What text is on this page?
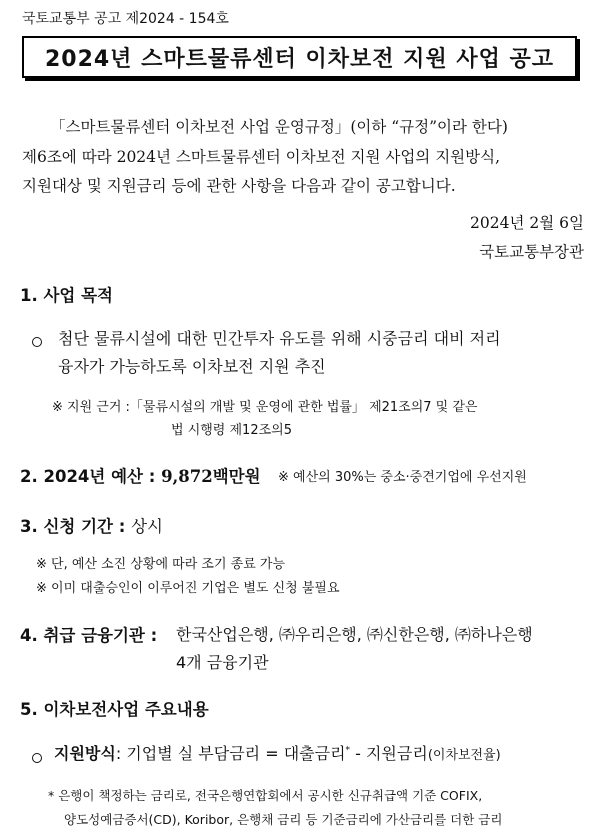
국토교통부 공고 제2024 - 154호
2024년 스마트물류센터 이차보전 지원 사업 공고
「스마트물류센터 이차보전 사업 운영규정」(이하 “규정”이라 한다)
제6조에 따라 2024년 스마트물류센터 이차보전 지원 사업의 지원방식,
지원대상 및 지원금리 등에 관한 사항을 다음과 같이 공고합니다.
2024년 2월 6일
국토교통부장관
1. 사업 목적
첨단 물류시설에 대한 민간투자 유도를 위해 시중금리 대비 저리
융자가 가능하도록 이차보전 지원 추진
※ 지원 근거 :「물류시설의 개발 및 운영에 관한 법률」 제21조의7 및 같은
법 시행령 제12조의5
2. 2024년 예산 : 9,872백만원 ※ 예산의 30%는 중소·중견기업에 우선지원
3. 신청 기간 : 상시
※ 단, 예산 소진 상황에 따라 조기 종료 가능
※ 이미 대출승인이 이루어진 기업은 별도 신청 불필요
4. 취급 금융기관 : 한국산업은행, ㈜우리은행, ㈜신한은행, ㈜하나은행
4개 금융기관
5. 이차보전사업 주요내용
지원방식: 기업별 실 부담금리 = 대출금리* - 지원금리(이차보전율)
* 은행이 책정하는 금리로, 전국은행연합회에서 공시한 신규취급액 기준 COFIX,
양도성예금증서(CD), Koribor, 은행채 금리 등 기준금리에 가산금리를 더한 금리
